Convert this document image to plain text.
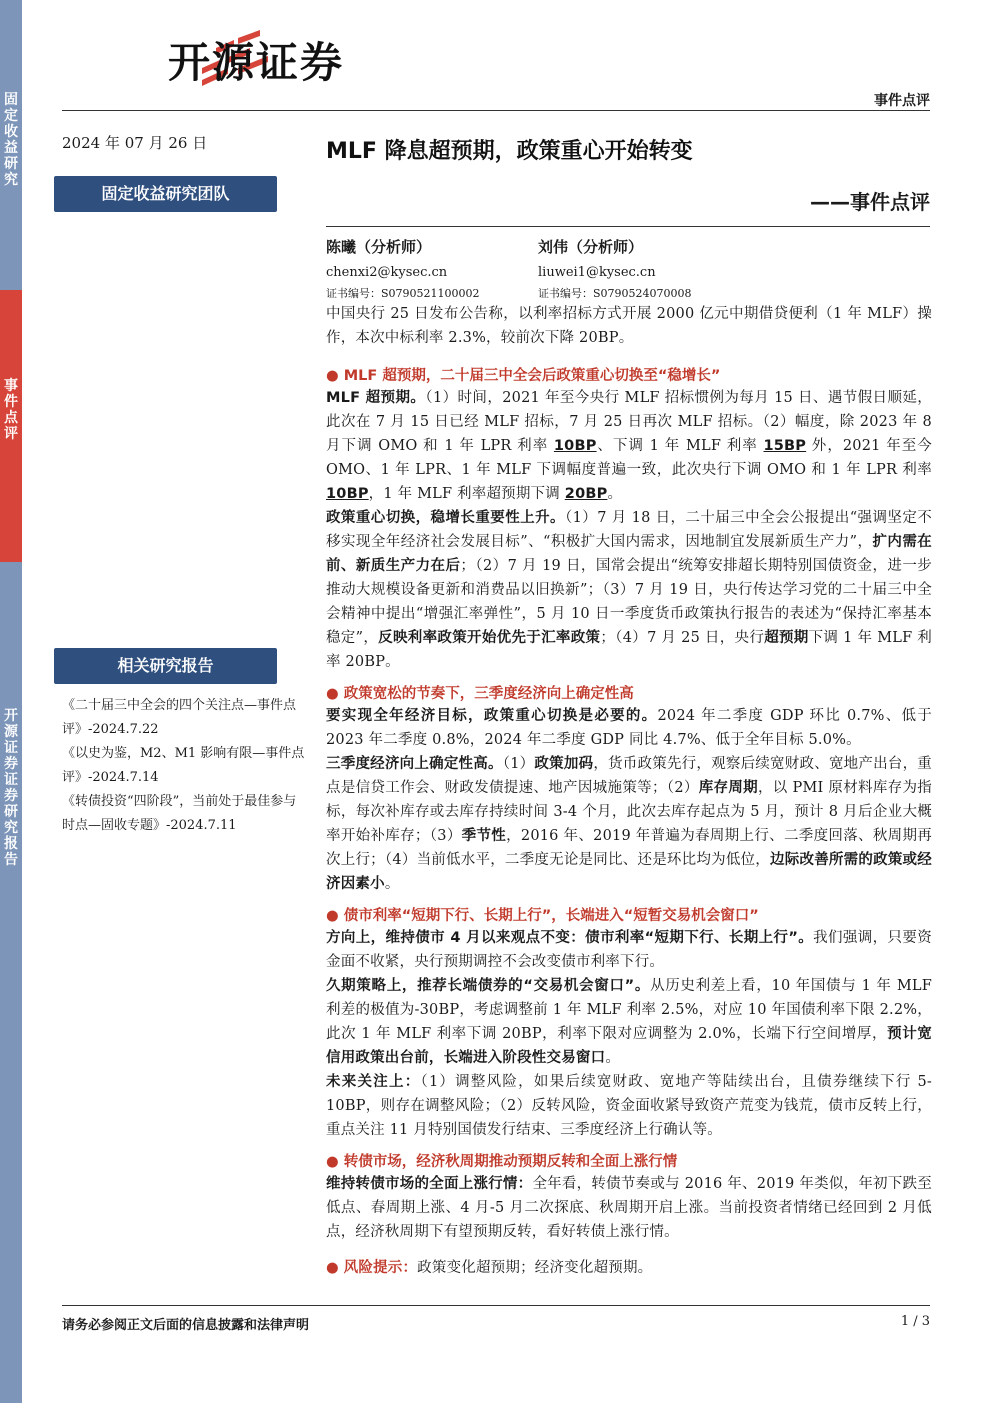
固定收益研究
事件点评
开源证券 证券研究报告
开源证券
事件点评
2024 年 07 月 26 日
固定收益研究团队
相关研究报告
《二十届三中全会的四个关注点—事件点评》-2024.7.22
《以史为鉴，M2、M1 影响有限—事件点评》-2024.7.14
《转债投资“四阶段”，当前处于最佳参与时点—固收专题》-2024.7.11
MLF 降息超预期，政策重心开始转变
——事件点评
陈曦（分析师）
chenxi2@kysec.cn
证书编号：S0790521100002
刘伟（分析师）
liuwei1@kysec.cn
证书编号：S0790524070008
中国央行 25 日发布公告称，以利率招标方式开展 2000 亿元中期借贷便利（1 年 MLF）操作，本次中标利率 2.3%，较前次下降 20BP。
● MLF 超预期，二十届三中全会后政策重心切换至“稳增长”

MLF 超预期。（1）时间，2021 年至今央行 MLF 招标惯例为每月 15 日、遇节假日顺延，此次在 7 月 15 日已经 MLF 招标，7 月 25 日再次 MLF 招标。（2）幅度，除 2023 年 8 月下调 OMO 和 1 年 LPR 利率 10BP、下调 1 年 MLF 利率 15BP 外，2021 年至今 OMO、1 年 LPR、1 年 MLF 下调幅度普遍一致，此次央行下调 OMO 和 1 年 LPR 利率 10BP，1 年 MLF 利率超预期下调 20BP。

政策重心切换，稳增长重要性上升。（1）7 月 18 日，二十届三中全会公报提出“强调坚定不移实现全年经济社会发展目标”、“积极扩大国内需求，因地制宜发展新质生产力”，扩内需在前、新质生产力在后；（2）7 月 19 日，国常会提出“统筹安排超长期特别国债资金，进一步推动大规模设备更新和消费品以旧换新”；（3）7 月 19 日，央行传达学习党的二十届三中全会精神中提出“增强汇率弹性”，5 月 10 日一季度货币政策执行报告的表述为“保持汇率基本稳定”，反映利率政策开始优先于汇率政策；（4）7 月 25 日，央行超预期下调 1 年 MLF 利率 20BP。

● 政策宽松的节奏下，三季度经济向上确定性高

要实现全年经济目标，政策重心切换是必要的。2024 年二季度 GDP 环比 0.7%、低于 2023 年二季度 0.8%，2024 年二季度 GDP 同比 4.7%、低于全年目标 5.0%。

三季度经济向上确定性高。（1）政策加码，货币政策先行，观察后续宽财政、宽地产出台，重点是信贷工作会、财政发债提速、地产因城施策等；（2）库存周期，以 PMI 原材料库存为指标，每次补库存或去库存持续时间 3-4 个月，此次去库存起点为 5 月，预计 8 月后企业大概率开始补库存；（3）季节性，2016 年、2019 年普遍为春周期上行、二季度回落、秋周期再次上行；（4）当前低水平，二季度无论是同比、还是环比均为低位，边际改善所需的政策或经济因素小。

● 债市利率“短期下行、长期上行”，长端进入“短暂交易机会窗口”

方向上，维持债市 4 月以来观点不变：债市利率“短期下行、长期上行”。我们强调，只要资金面不收紧，央行预期调控不会改变债市利率下行。

久期策略上，推荐长端债券的“交易机会窗口”。从历史利差上看，10 年国债与 1 年 MLF 利差的极值为-30BP，考虑调整前 1 年 MLF 利率 2.5%，对应 10 年国债利率下限 2.2%，此次 1 年 MLF 利率下调 20BP，利率下限对应调整为 2.0%，长端下行空间增厚，预计宽信用政策出台前，长端进入阶段性交易窗口。

未来关注上：（1）调整风险，如果后续宽财政、宽地产等陆续出台，且债券继续下行 5-10BP，则存在调整风险；（2）反转风险，资金面收紧导致资产荒变为钱荒，债市反转上行，重点关注 11 月特别国债发行结束、三季度经济上行确认等。

● 转债市场，经济秋周期推动预期反转和全面上涨行情

维持转债市场的全面上涨行情：全年看，转债节奏或与 2016 年、2019 年类似，年初下跌至低点、春周期上涨、4 月-5 月二次探底、秋周期开启上涨。当前投资者情绪已经回到 2 月低点，经济秋周期下有望预期反转，看好转债上涨行情。

● 风险提示：政策变化超预期；经济变化超预期。
请务必参阅正文后面的信息披露和法律声明	1 / 3
